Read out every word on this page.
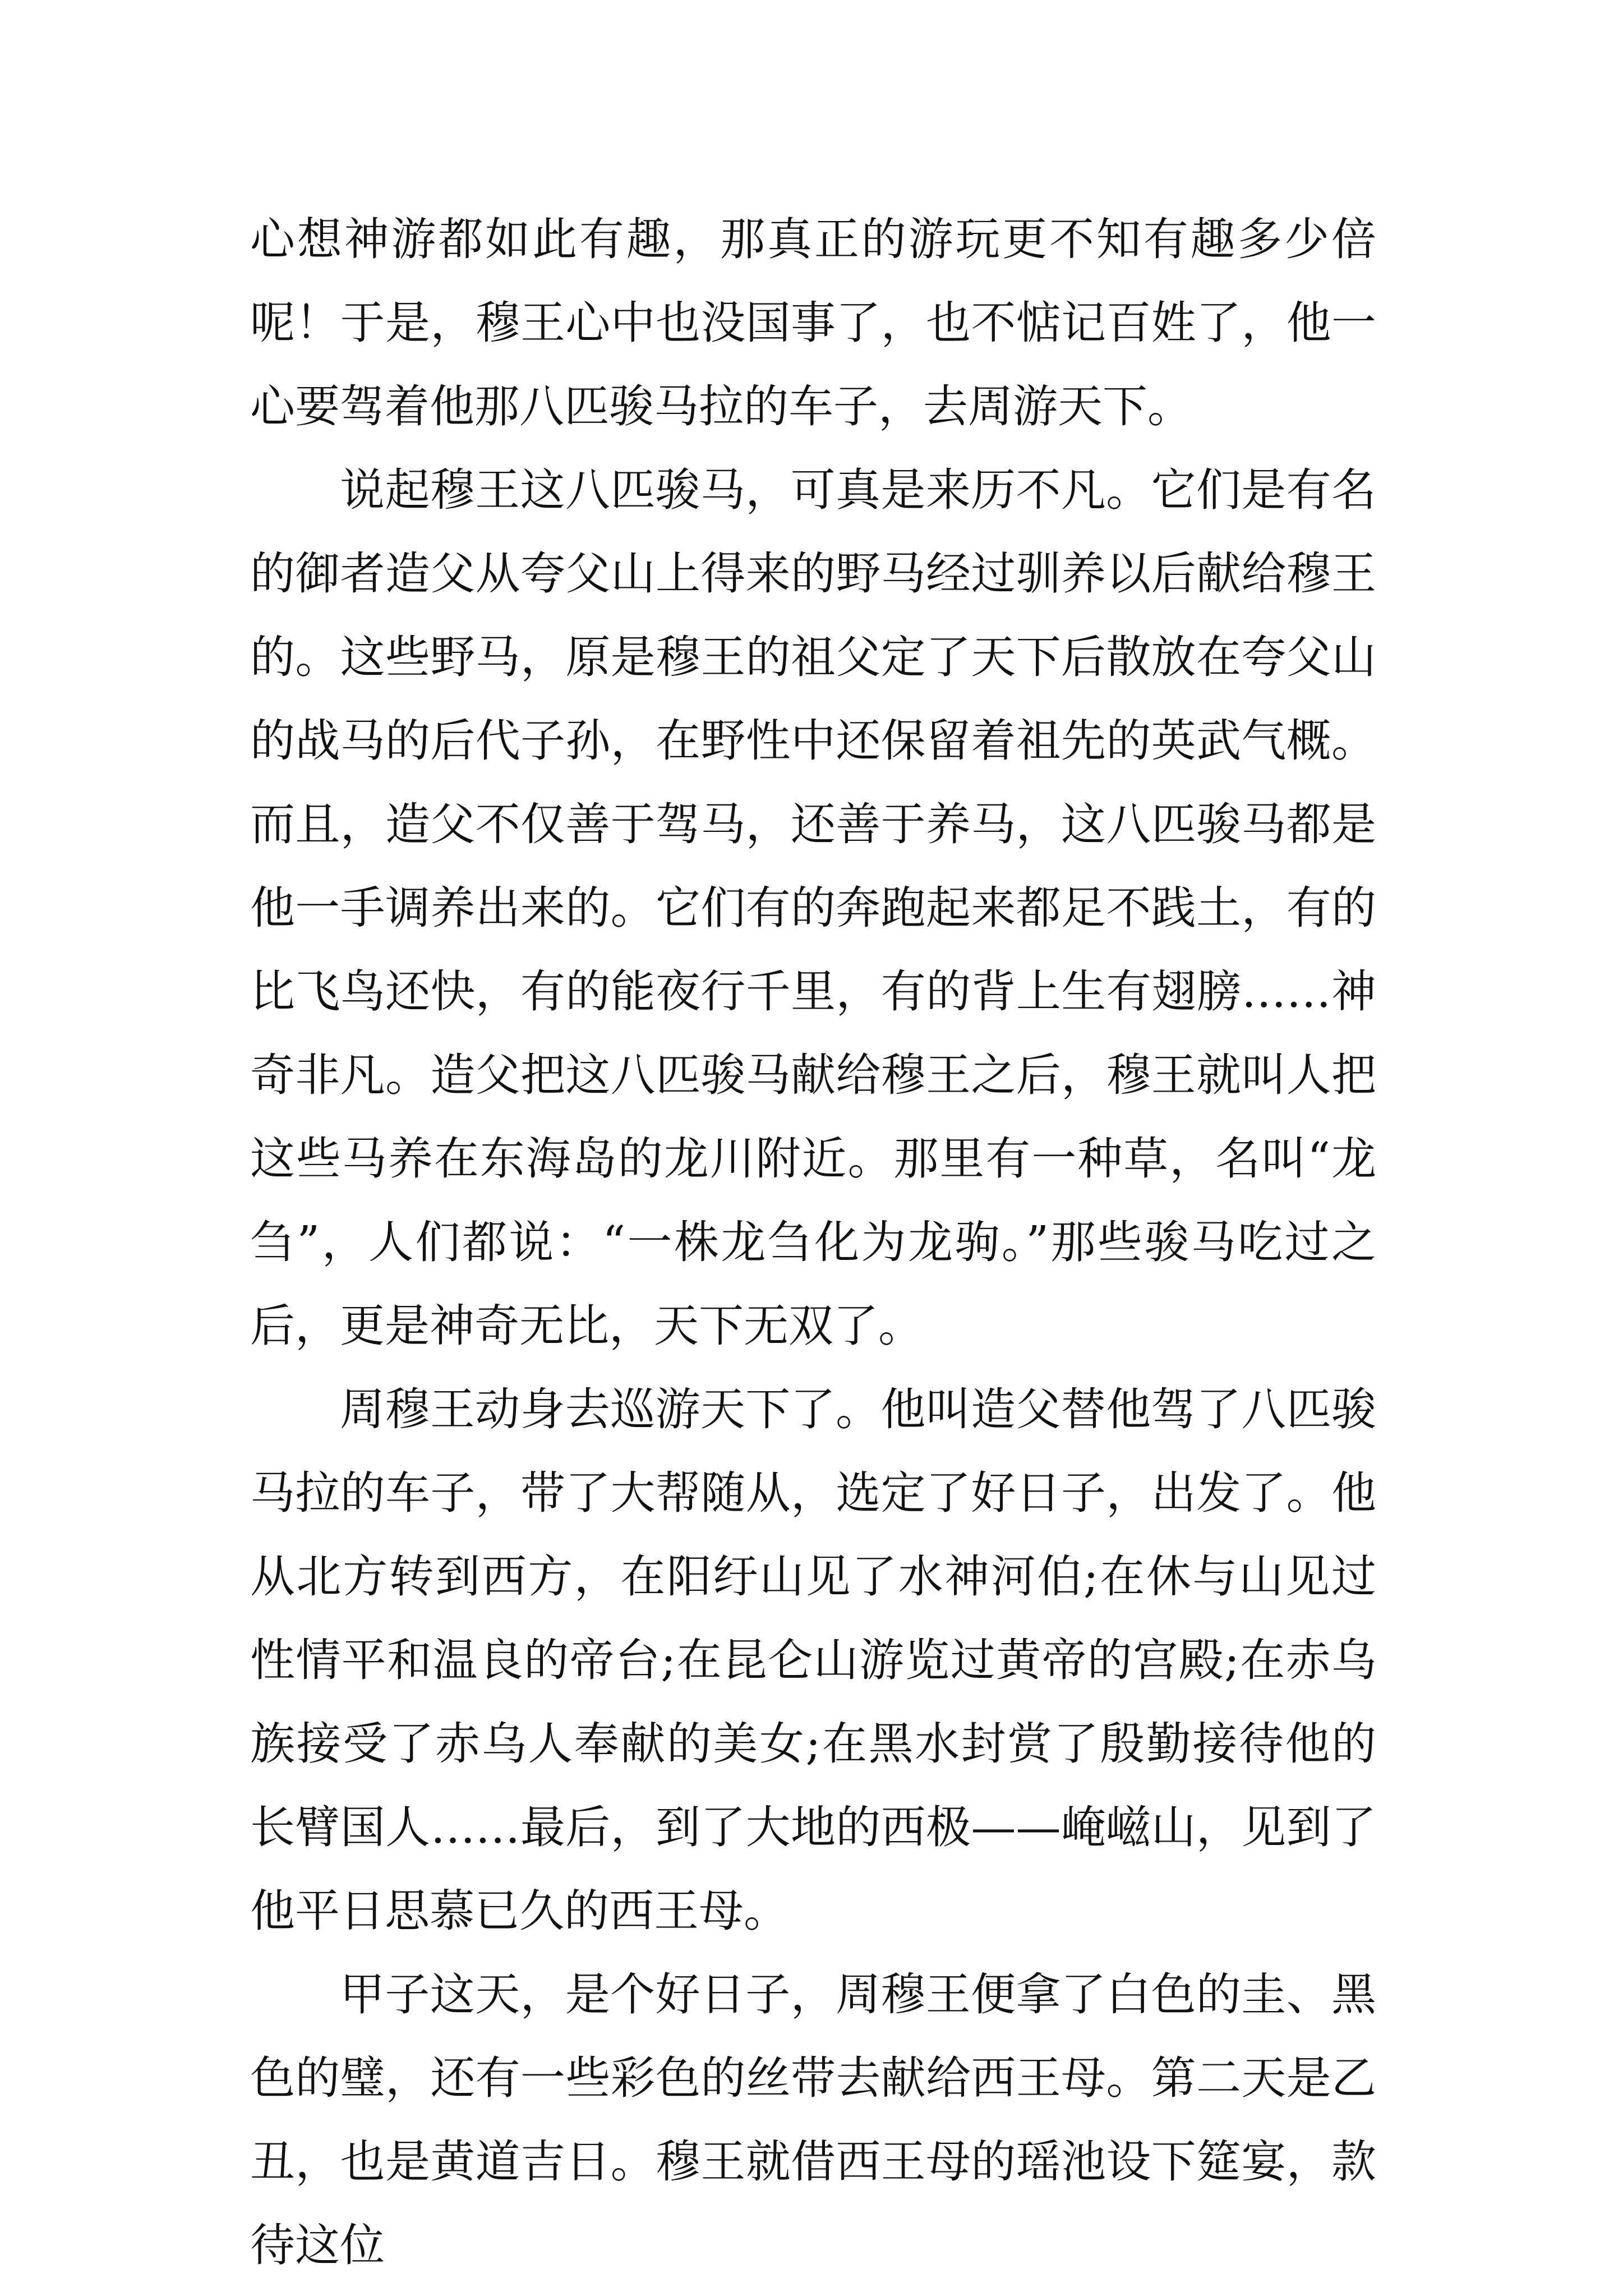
心想神游都如此有趣，那真正的游玩更不知有趣多少倍呢！于是，穆王心中也没国事了，也不惦记百姓了，他一心要驾着他那八匹骏马拉的车子，去周游天下。

说起穆王这八匹骏马，可真是来历不凡。它们是有名的御者造父从夸父山上得来的野马经过驯养以后献给穆王的。这些野马，原是穆王的祖父定了天下后散放在夸父山的战马的后代子孙，在野性中还保留着祖先的英武气概。而且，造父不仅善于驾马，还善于养马，这八匹骏马都是他一手调养出来的。它们有的奔跑起来都足不践土，有的比飞鸟还快，有的能夜行千里，有的背上生有翅膀……神奇非凡。造父把这八匹骏马献给穆王之后，穆王就叫人把这些马养在东海岛的龙川附近。那里有一种草，名叫“龙刍”，人们都说：“一株龙刍化为龙驹。”那些骏马吃过之后，更是神奇无比，天下无双了。

周穆王动身去巡游天下了。他叫造父替他驾了八匹骏马拉的车子，带了大帮随从，选定了好日子，出发了。他从北方转到西方，在阳纡山见了水神河伯;在休与山见过性情平和温良的帝台;在昆仑山游览过黄帝的宫殿;在赤乌族接受了赤乌人奉献的美女;在黑水封赏了殷勤接待他的长臂国人……最后，到了大地的西极——崦嵫山，见到了他平日思慕已久的西王母。

甲子这天，是个好日子，周穆王便拿了白色的圭、黑色的璧，还有一些彩色的丝带去献给西王母。第二天是乙丑，也是黄道吉日。穆王就借西王母的瑶池设下筵宴，款待这位
